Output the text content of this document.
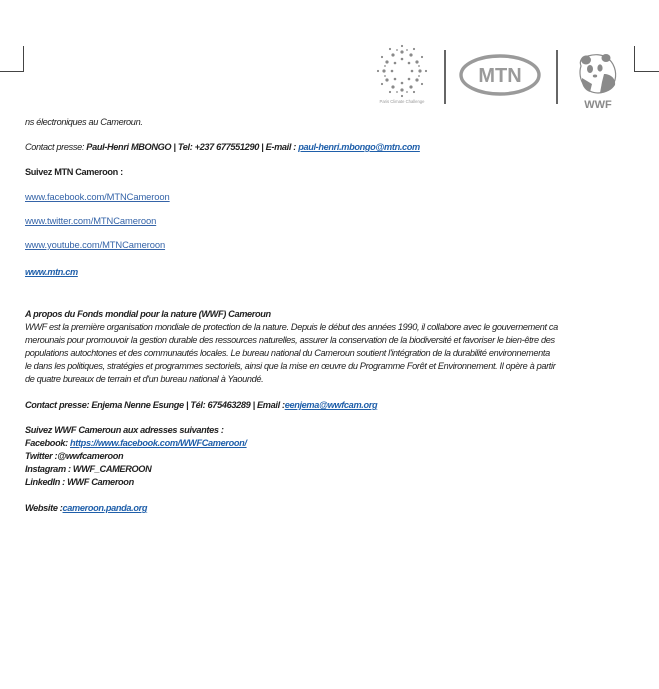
Paris Climate Challenge
MTN
WWF

ns électroniques au Cameroun.

Contact presse: Paul-Henri MBONGO | Tel: +237 677551290 | E-mail : paul-henri.mbongo@mtn.com

Suivez MTN Cameroon :

www.facebook.com/MTNCameroon

www.twitter.com/MTNCameroon

www.youtube.com/MTNCameroon

www.mtn.cm

A propos du Fonds mondial pour la nature (WWF) Cameroun

WWF est la première organisation mondiale de protection de la nature. Depuis le début des années 1990, il collabore avec le gouvernement ca

merounais pour promouvoir la gestion durable des ressources naturelles, assurer la conservation de la biodiversité et favoriser le bien-être des

populations autochtones et des communautés locales. Le bureau national du Cameroun soutient l'intégration de la durabilité environnementa

le dans les politiques, stratégies et programmes sectoriels, ainsi que la mise en œuvre du Programme Forêt et Environnement. Il opère à partir

de quatre bureaux de terrain et d'un bureau national à Yaoundé.

Contact presse: Enjema Nenne Esunge | Tél: 675463289 | Email :eenjema@wwfcam.org

Suivez WWF Cameroun aux adresses suivantes :

Facebook: https://www.facebook.com/WWFCameroon/

Twitter :@wwfcameroon

Instagram : WWF_CAMEROON

LinkedIn : WWF Cameroon

Website :cameroon.panda.org
